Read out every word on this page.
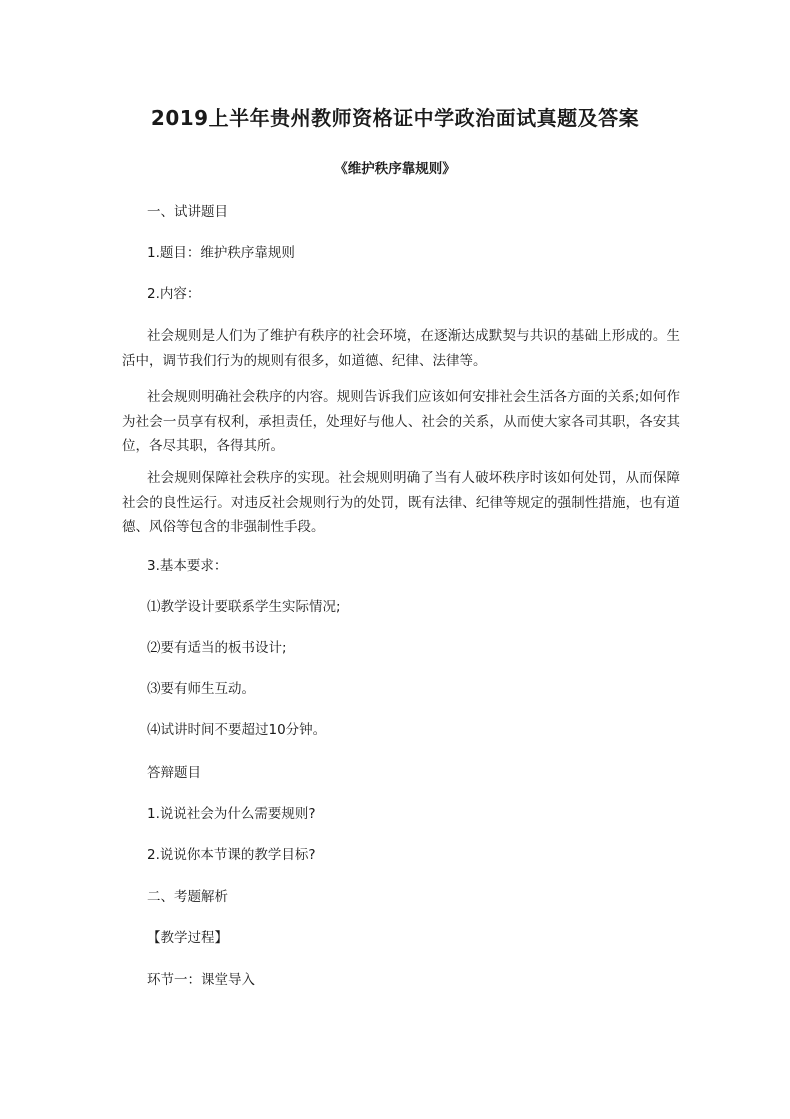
2019上半年贵州教师资格证中学政治面试真题及答案
《维护秩序靠规则》
一、试讲题目
1.题目：维护秩序靠规则
2.内容：
社会规则是人们为了维护有秩序的社会环境，在逐渐达成默契与共识的基础上形成的。生活中，调节我们行为的规则有很多，如道德、纪律、法律等。
社会规则明确社会秩序的内容。规则告诉我们应该如何安排社会生活各方面的关系;如何作为社会一员享有权利，承担责任，处理好与他人、社会的关系，从而使大家各司其职，各安其位，各尽其职，各得其所。
社会规则保障社会秩序的实现。社会规则明确了当有人破坏秩序时该如何处罚，从而保障社会的良性运行。对违反社会规则行为的处罚，既有法律、纪律等规定的强制性措施，也有道德、风俗等包含的非强制性手段。
3.基本要求：
⑴教学设计要联系学生实际情况;
⑵要有适当的板书设计;
⑶要有师生互动。
⑷试讲时间不要超过10分钟。
答辩题目
1.说说社会为什么需要规则?
2.说说你本节课的教学目标?
二、考题解析
【教学过程】
环节一：课堂导入
